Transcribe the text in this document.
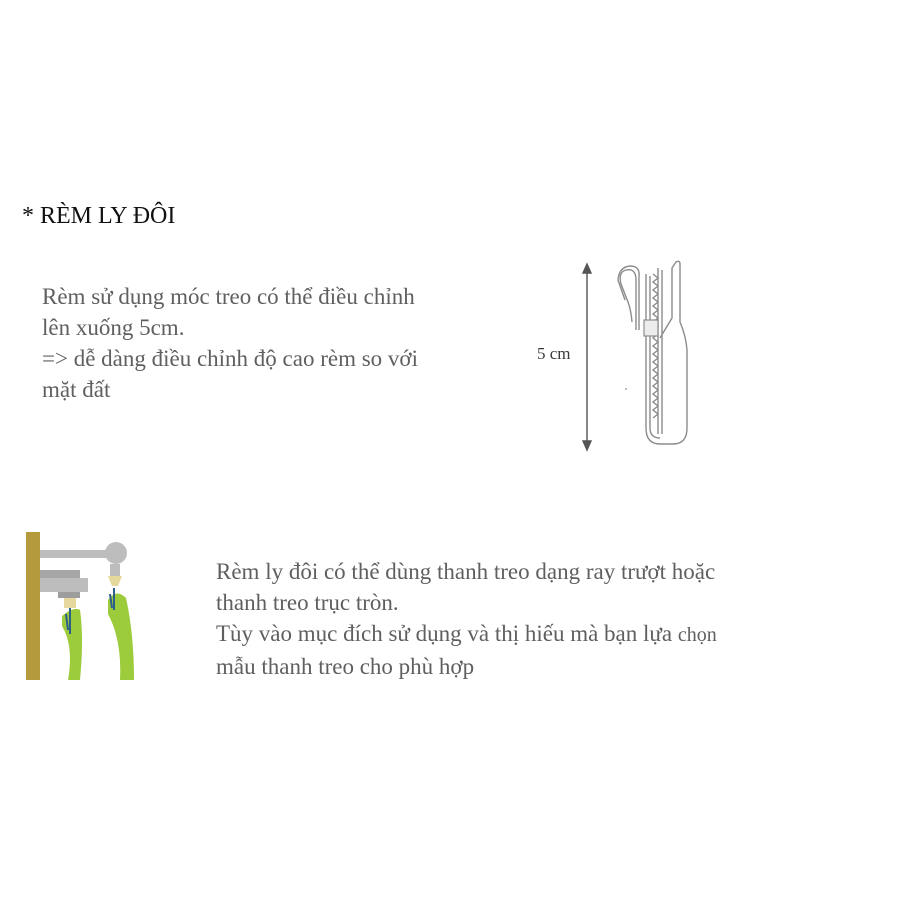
* RÈM LY ĐÔI

Rèm sử dụng móc treo có thể điều chỉnh
lên xuống 5cm.
=> dễ dàng điều chỉnh độ cao rèm so với
mặt đất

5 cm

Rèm ly đôi có thể dùng thanh treo dạng ray trượt hoặc
thanh treo trục tròn.
Tùy vào mục đích sử dụng và thị hiếu mà bạn lựa chọn
mẫu thanh treo cho phù hợp
